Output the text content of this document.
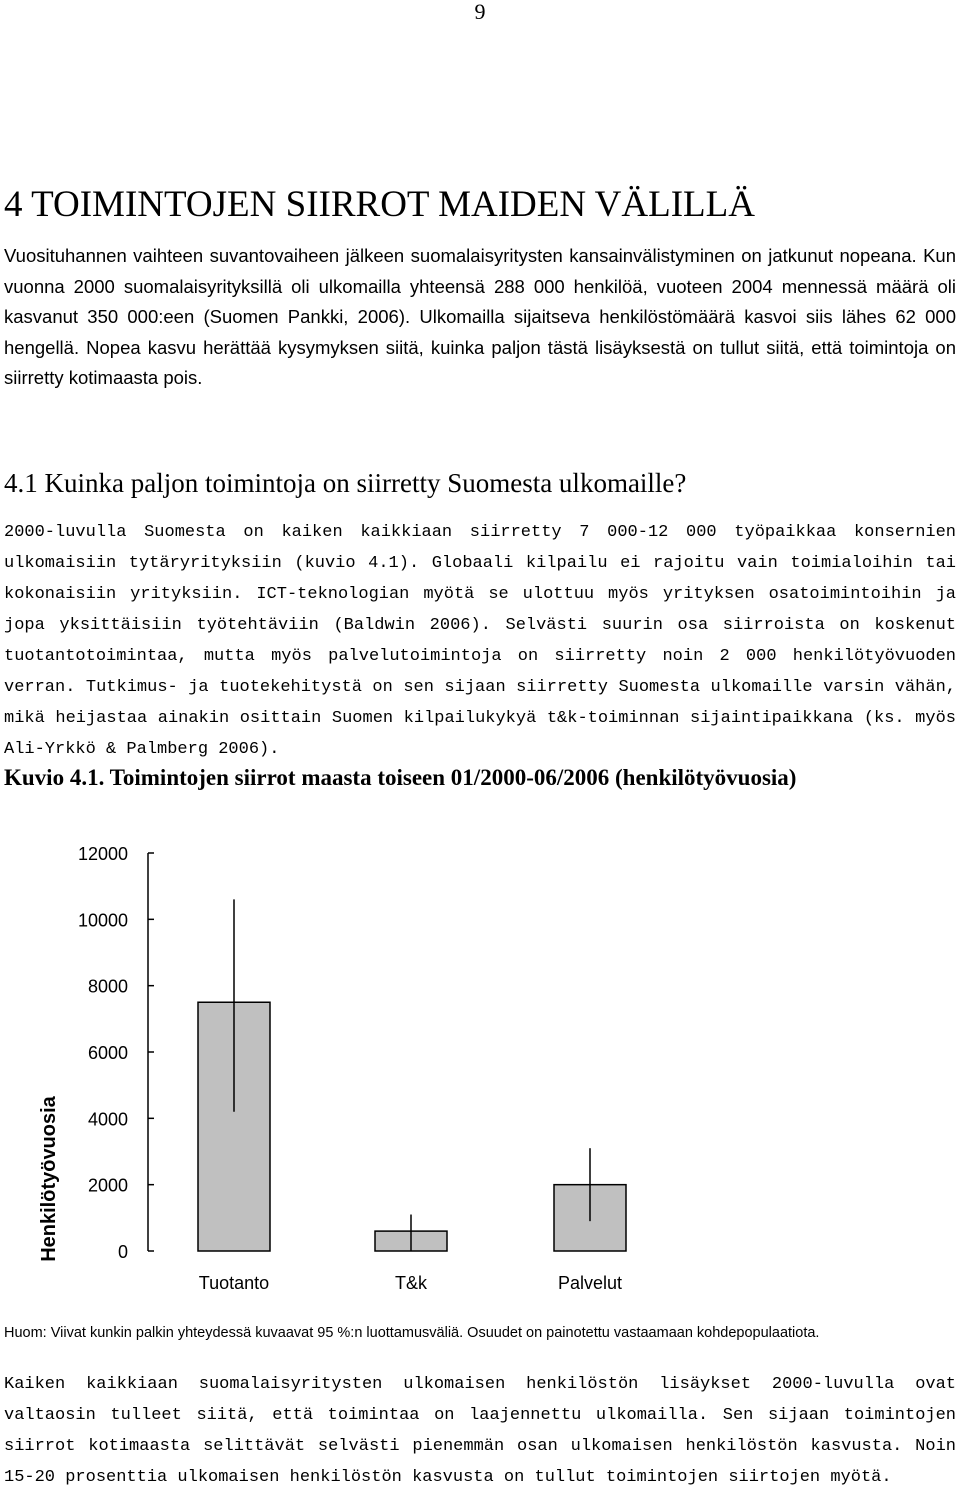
9
4 TOIMINTOJEN SIIRROT MAIDEN VÄLILLÄ

Vuosituhannen vaihteen suvantovaiheen jälkeen suomalaisyritysten kansainvälistyminen on jatkunut nopeana. Kun vuonna 2000 suomalaisyrityksillä oli ulkomailla yhteensä 288 000 henkilöä, vuoteen 2004 mennessä määrä oli kasvanut 350 000:een (Suomen Pankki, 2006). Ulkomailla sijaitseva henkilöstömäärä kasvoi siis lähes 62 000 hengellä. Nopea kasvu herättää kysymyksen siitä, kuinka paljon tästä lisäyksestä on tullut siitä, että toimintoja on siirretty kotimaasta pois.

4.1 Kuinka paljon toimintoja on siirretty Suomesta ulkomaille?

2000-luvulla Suomesta on kaiken kaikkiaan siirretty 7 000-12 000 työpaikkaa konsernien ulkomaisiin tytäryrityksiin (kuvio 4.1). Globaali kilpailu ei rajoitu vain toimialoihin tai kokonaisiin yrityksiin. ICT-teknologian myötä se ulottuu myös yrityksen osatoimintoihin ja jopa yksittäisiin työtehtäviin (Baldwin 2006). Selvästi suurin osa siirroista on koskenut tuotantotoimintaa, mutta myös palvelutoimintoja on siirretty noin 2 000 henkilötyövuoden verran. Tutkimus- ja tuotekehitystä on sen sijaan siirretty Suomesta ulkomaille varsin vähän, mikä heijastaa ainakin osittain Suomen kilpailukykyä t&k-toiminnan sijaintipaikkana (ks. myös Ali-Yrkkö & Palmberg 2006).

Kuvio 4.1. Toimintojen siirrot maasta toiseen 01/2000-06/2006 (henkilötyövuosia)
0
2000
4000
6000
8000
10000
12000
Henkilötyövuosia
Tuotanto	T&k	Palvelut

Huom: Viivat kunkin palkin yhteydessä kuvaavat 95 %:n luottamusväliä. Osuudet on painotettu vastaamaan kohdepopulaatiota.

Kaiken kaikkiaan suomalaisyritysten ulkomaisen henkilöstön lisäykset 2000-luvulla ovat valtaosin tulleet siitä, että toimintaa on laajennettu ulkomailla. Sen sijaan toimintojen siirrot kotimaasta selittävät selvästi pienemmän osan ulkomaisen henkilöstön kasvusta. Noin 15-20 prosenttia ulkomaisen henkilöstön kasvusta on tullut toimintojen siirtojen myötä.
